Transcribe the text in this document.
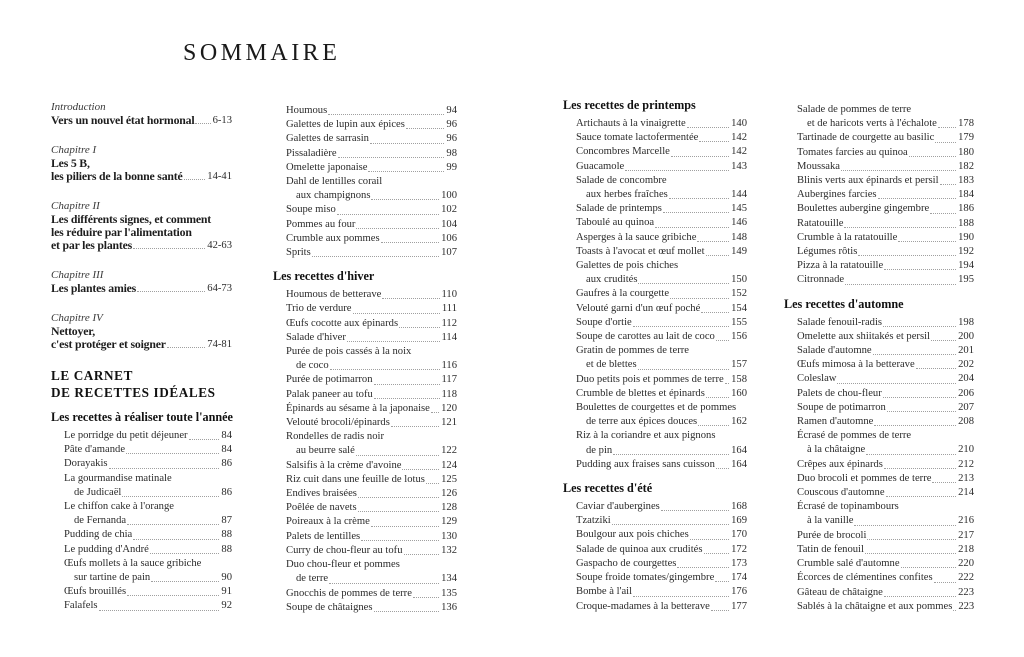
SOMMAIRE
Introduction
Vers un nouvel état hormonal 6-13
Chapitre I
Les 5 B,
les piliers de la bonne santé 14-41
Chapitre II
Les différents signes, et comment
les réduire par l'alimentation
et par les plantes	42-63
Chapitre III
Les plantes amies	64-73
Chapitre IV
Nettoyer,
c'est protéger et soigner	74-81
LE CARNET
DE RECETTES IDÉALES
Les recettes à réaliser toute l'année
Le porridge du petit déjeuner	84
Pâte d'amande	84
Dorayakis	86
La gourmandise matinale
de Judicaël	86
Le chiffon cake à l'orange
de Fernanda	87
Pudding de chia	88
Le pudding d'André	88
Œufs mollets à la sauce gribiche
sur tartine de pain	90
Œufs brouillés	91
Falafels	92
Houmous	94
Galettes de lupin aux épices	96
Galettes de sarrasin	96
Pissaladière	98
Omelette japonaise	99
Dahl de lentilles corail
aux champignons	100
Soupe miso	102
Pommes au four	104
Crumble aux pommes	106
Sprits	107
Les recettes d'hiver
Houmous de betterave	110
Trio de verdure	111
Œufs cocotte aux épinards	112
Salade d'hiver	114
Purée de pois cassés à la noix
de coco	116
Purée de potimarron	117
Palak paneer au tofu	118
Épinards au sésame à la japonaise 120
Velouté brocoli/épinards	121
Rondelles de radis noir
au beurre salé	122
Salsifis à la crème d'avoine	124
Riz cuit dans une feuille de lotus 125
Endives braisées	126
Poêlée de navets	128
Poireaux à la crème	129
Palets de lentilles	130
Curry de chou-fleur au tofu	132
Duo chou-fleur et pommes
de terre	134
Gnocchis de pommes de terre	135
Soupe de châtaignes	136
Les recettes de printemps
Artichauts à la vinaigrette	140
Sauce tomate lactofermentée	142
Concombres Marcelle	142
Guacamole	143
Salade de concombre
aux herbes fraîches	144
Salade de printemps	145
Taboulé au quinoa	146
Asperges à la sauce gribiche	148
Toasts à l'avocat et œuf mollet	149
Galettes de pois chiches
aux crudités	150
Gaufres à la courgette	152
Velouté garni d'un œuf poché	154
Soupe d'ortie	155
Soupe de carottes au lait de coco 156
Gratin de pommes de terre
et de blettes	157
Duo petits pois et pommes de terre 158
Crumble de blettes et épinards 160
Boulettes de courgettes et de pommes
de terre aux épices douces	162
Riz à la coriandre et aux pignons
de pin	164
Pudding aux fraises sans cuisson 164
Les recettes d'été
Caviar d'aubergines	168
Tzatziki	169
Boulgour aux pois chiches	170
Salade de quinoa aux crudités	172
Gaspacho de courgettes	173
Soupe froide tomates/gingembre 174
Bombe à l'ail	176
Croque-madames à la betterave 177
Salade de pommes de terre
et de haricots verts à l'échalote 178
Tartinade de courgette au basilic 179
Tomates farcies au quinoa	180
Moussaka	182
Blinis verts aux épinards et persil 183
Aubergines farcies	184
Boulettes aubergine gingembre	186
Ratatouille	188
Crumble à la ratatouille	190
Légumes rôtis	192
Pizza à la ratatouille	194
Citronnade	195
Les recettes d'automne
Salade fenouil-radis	198
Omelette aux shiitakés et persil	200
Salade d'automne	201
Œufs mimosa à la betterave	202
Coleslaw	204
Palets de chou-fleur	206
Soupe de potimarron	207
Ramen d'automne	208
Écrasé de pommes de terre
à la châtaigne	210
Crêpes aux épinards	212
Duo brocoli et pommes de terre	213
Couscous d'automne	214
Écrasé de topinambours
à la vanille	216
Purée de brocoli	217
Tatin de fenouil	218
Crumble salé d'automne	220
Écorces de clémentines confites 222
Gâteau de châtaigne	223
Sablés à la châtaigne et aux pommes 223
